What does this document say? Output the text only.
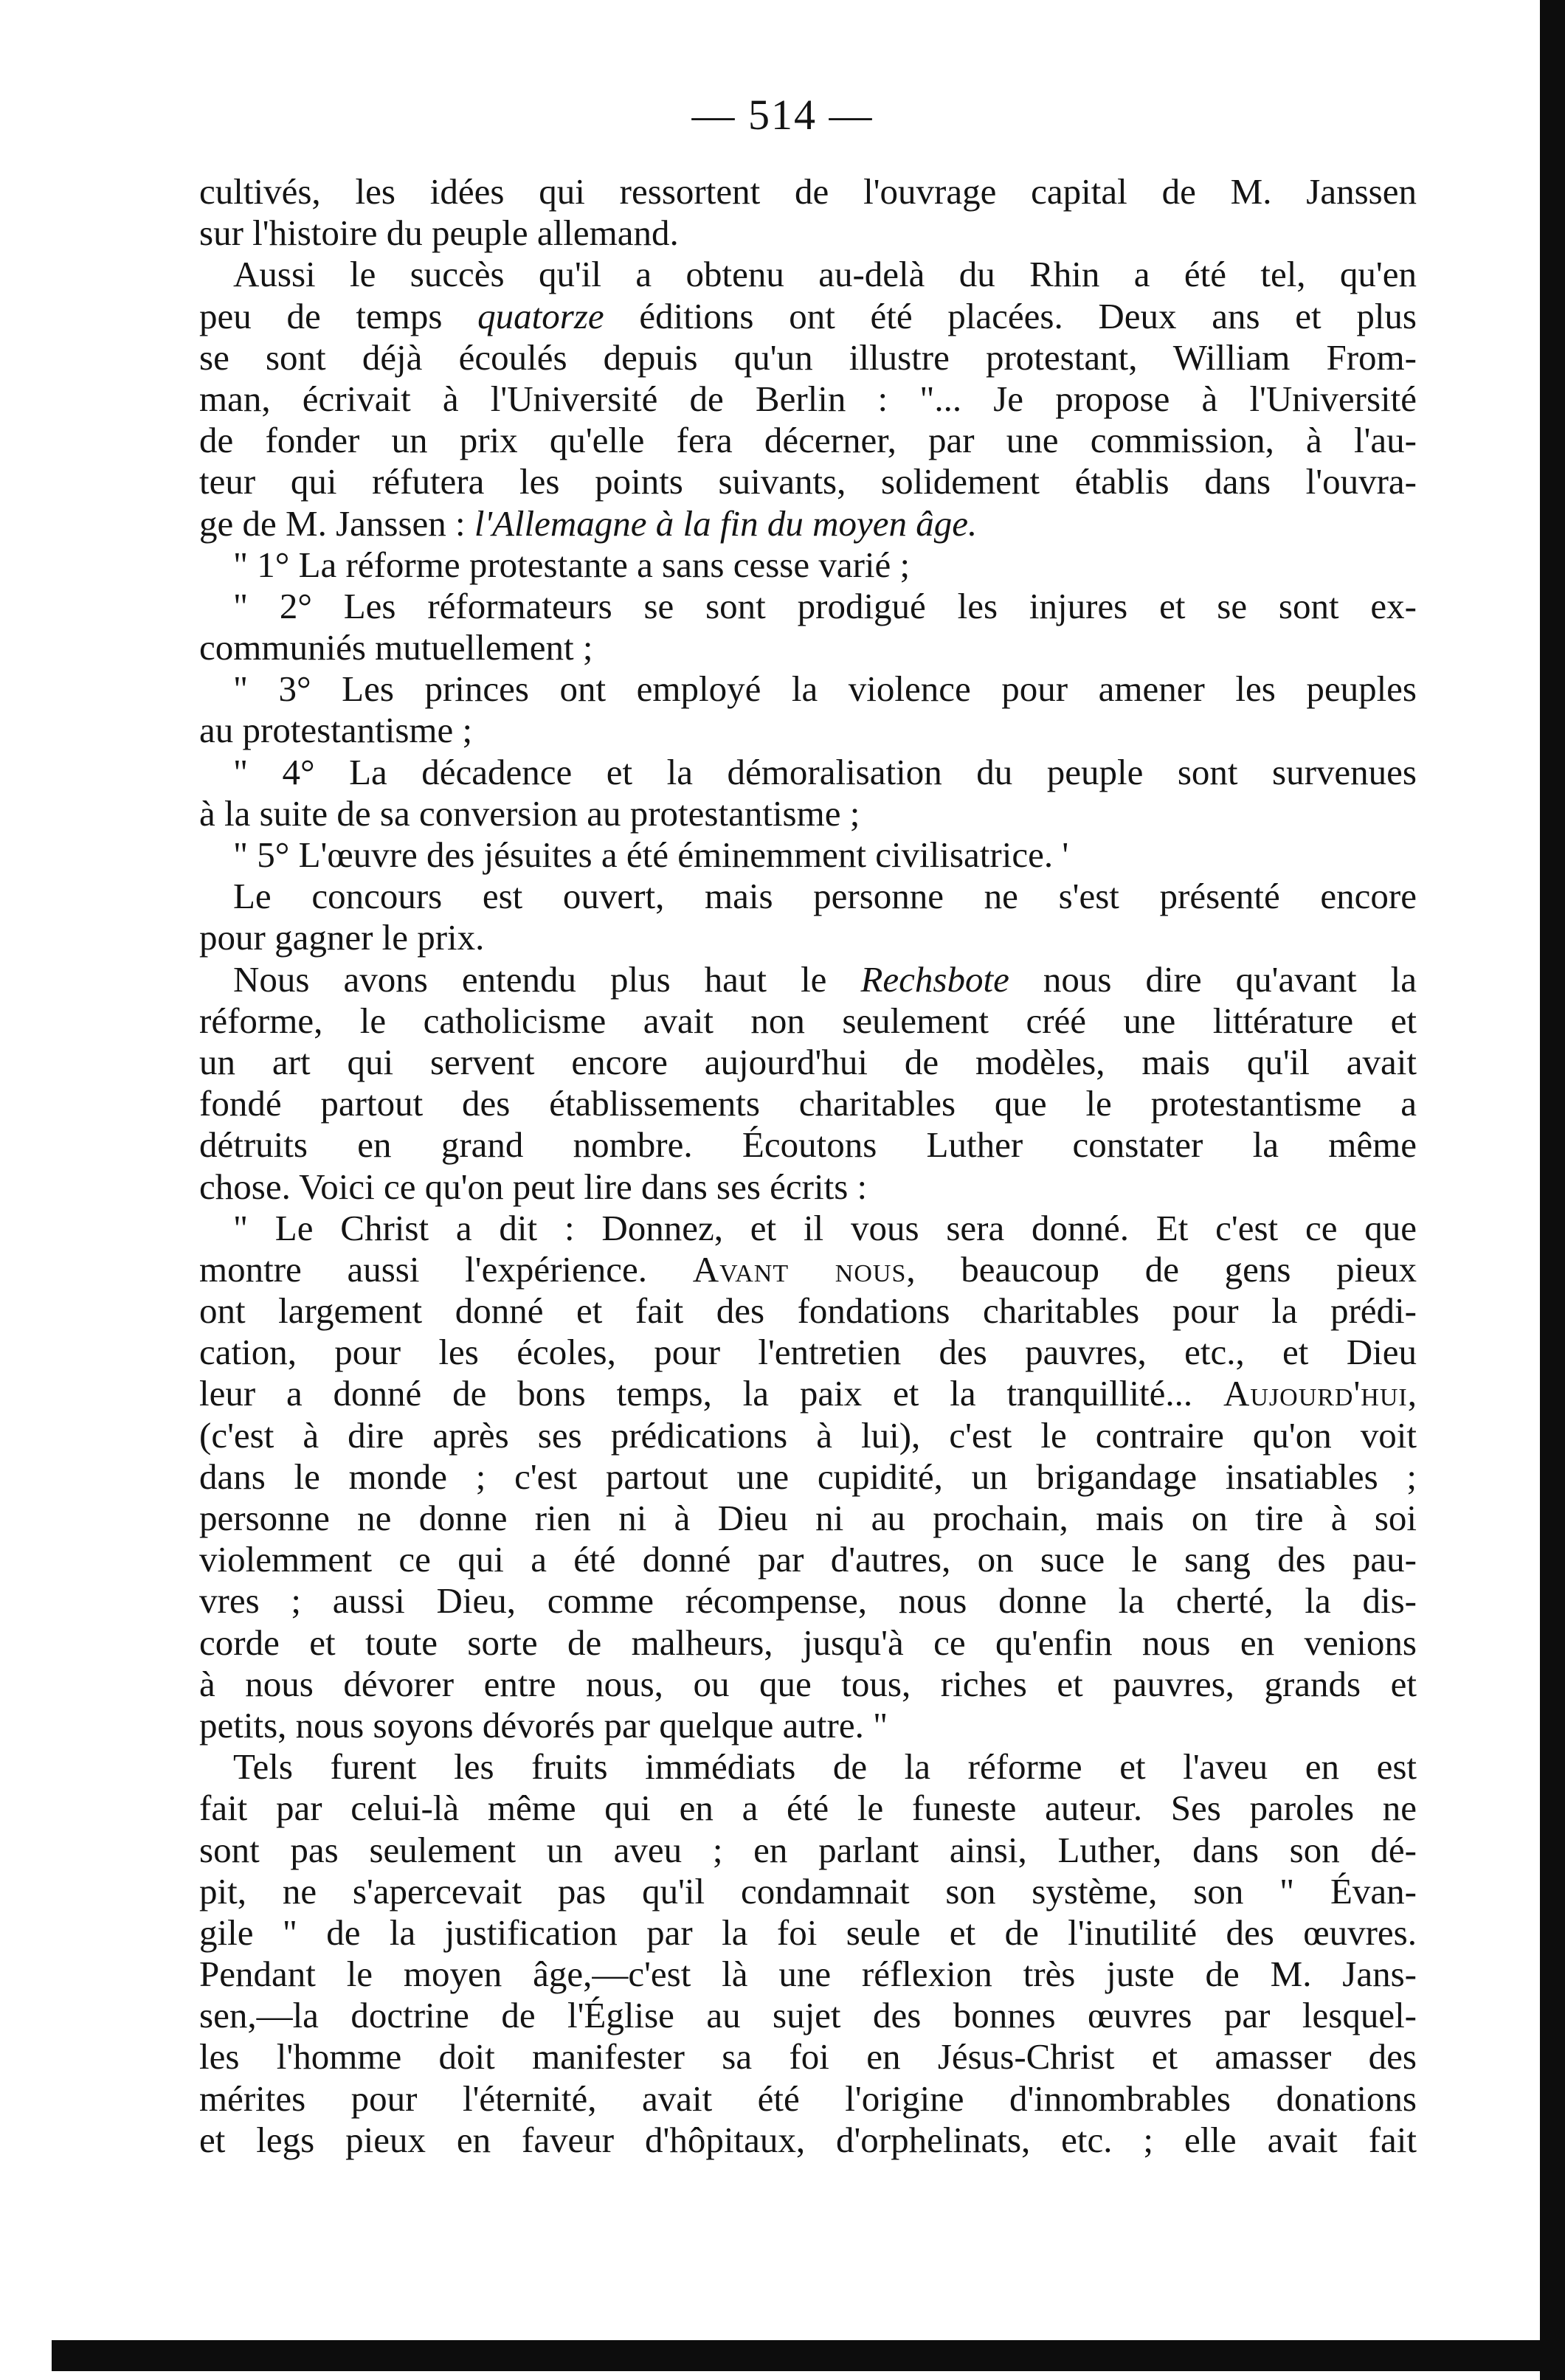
— 514 —
cultivés, les idées qui ressortent de l'ouvrage capital de M. Janssen
sur l'histoire du peuple allemand.
Aussi le succès qu'il a obtenu au-delà du Rhin a été tel, qu'en
peu de temps quatorze éditions ont été placées. Deux ans et plus
se sont déjà écoulés depuis qu'un illustre protestant, William From-
man, écrivait à l'Université de Berlin : "... Je propose à l'Université
de fonder un prix qu'elle fera décerner, par une commission, à l'au-
teur qui réfutera les points suivants, solidement établis dans l'ouvra-
ge de M. Janssen : l'Allemagne à la fin du moyen âge.
" 1° La réforme protestante a sans cesse varié ;
" 2° Les réformateurs se sont prodigué les injures et se sont ex-
communiés mutuellement ;
" 3° Les princes ont employé la violence pour amener les peuples
au protestantisme ;
" 4° La décadence et la démoralisation du peuple sont survenues
à la suite de sa conversion au protestantisme ;
" 5° L'œuvre des jésuites a été éminemment civilisatrice. '
Le concours est ouvert, mais personne ne s'est présenté encore
pour gagner le prix.
Nous avons entendu plus haut le Rechsbote nous dire qu'avant la
réforme, le catholicisme avait non seulement créé une littérature et
un art qui servent encore aujourd'hui de modèles, mais qu'il avait
fondé partout des établissements charitables que le protestantisme a
détruits en grand nombre. Écoutons Luther constater la même
chose. Voici ce qu'on peut lire dans ses écrits :
" Le Christ a dit : Donnez, et il vous sera donné. Et c'est ce que
montre aussi l'expérience. Avant nous, beaucoup de gens pieux
ont largement donné et fait des fondations charitables pour la prédi-
cation, pour les écoles, pour l'entretien des pauvres, etc., et Dieu
leur a donné de bons temps, la paix et la tranquillité... Aujourd'hui,
(c'est à dire après ses prédications à lui), c'est le contraire qu'on voit
dans le monde ; c'est partout une cupidité, un brigandage insatiables ;
personne ne donne rien ni à Dieu ni au prochain, mais on tire à soi
violemment ce qui a été donné par d'autres, on suce le sang des pau-
vres ; aussi Dieu, comme récompense, nous donne la cherté, la dis-
corde et toute sorte de malheurs, jusqu'à ce qu'enfin nous en venions
à nous dévorer entre nous, ou que tous, riches et pauvres, grands et
petits, nous soyons dévorés par quelque autre. "
Tels furent les fruits immédiats de la réforme et l'aveu en est
fait par celui-là même qui en a été le funeste auteur. Ses paroles ne
sont pas seulement un aveu ; en parlant ainsi, Luther, dans son dé-
pit, ne s'apercevait pas qu'il condamnait son système, son " Évan-
gile " de la justification par la foi seule et de l'inutilité des œuvres.
Pendant le moyen âge,—c'est là une réflexion très juste de M. Jans-
sen,—la doctrine de l'Église au sujet des bonnes œuvres par lesquel-
les l'homme doit manifester sa foi en Jésus-Christ et amasser des
mérites pour l'éternité, avait été l'origine d'innombrables donations
et legs pieux en faveur d'hôpitaux, d'orphelinats, etc. ; elle avait fait
